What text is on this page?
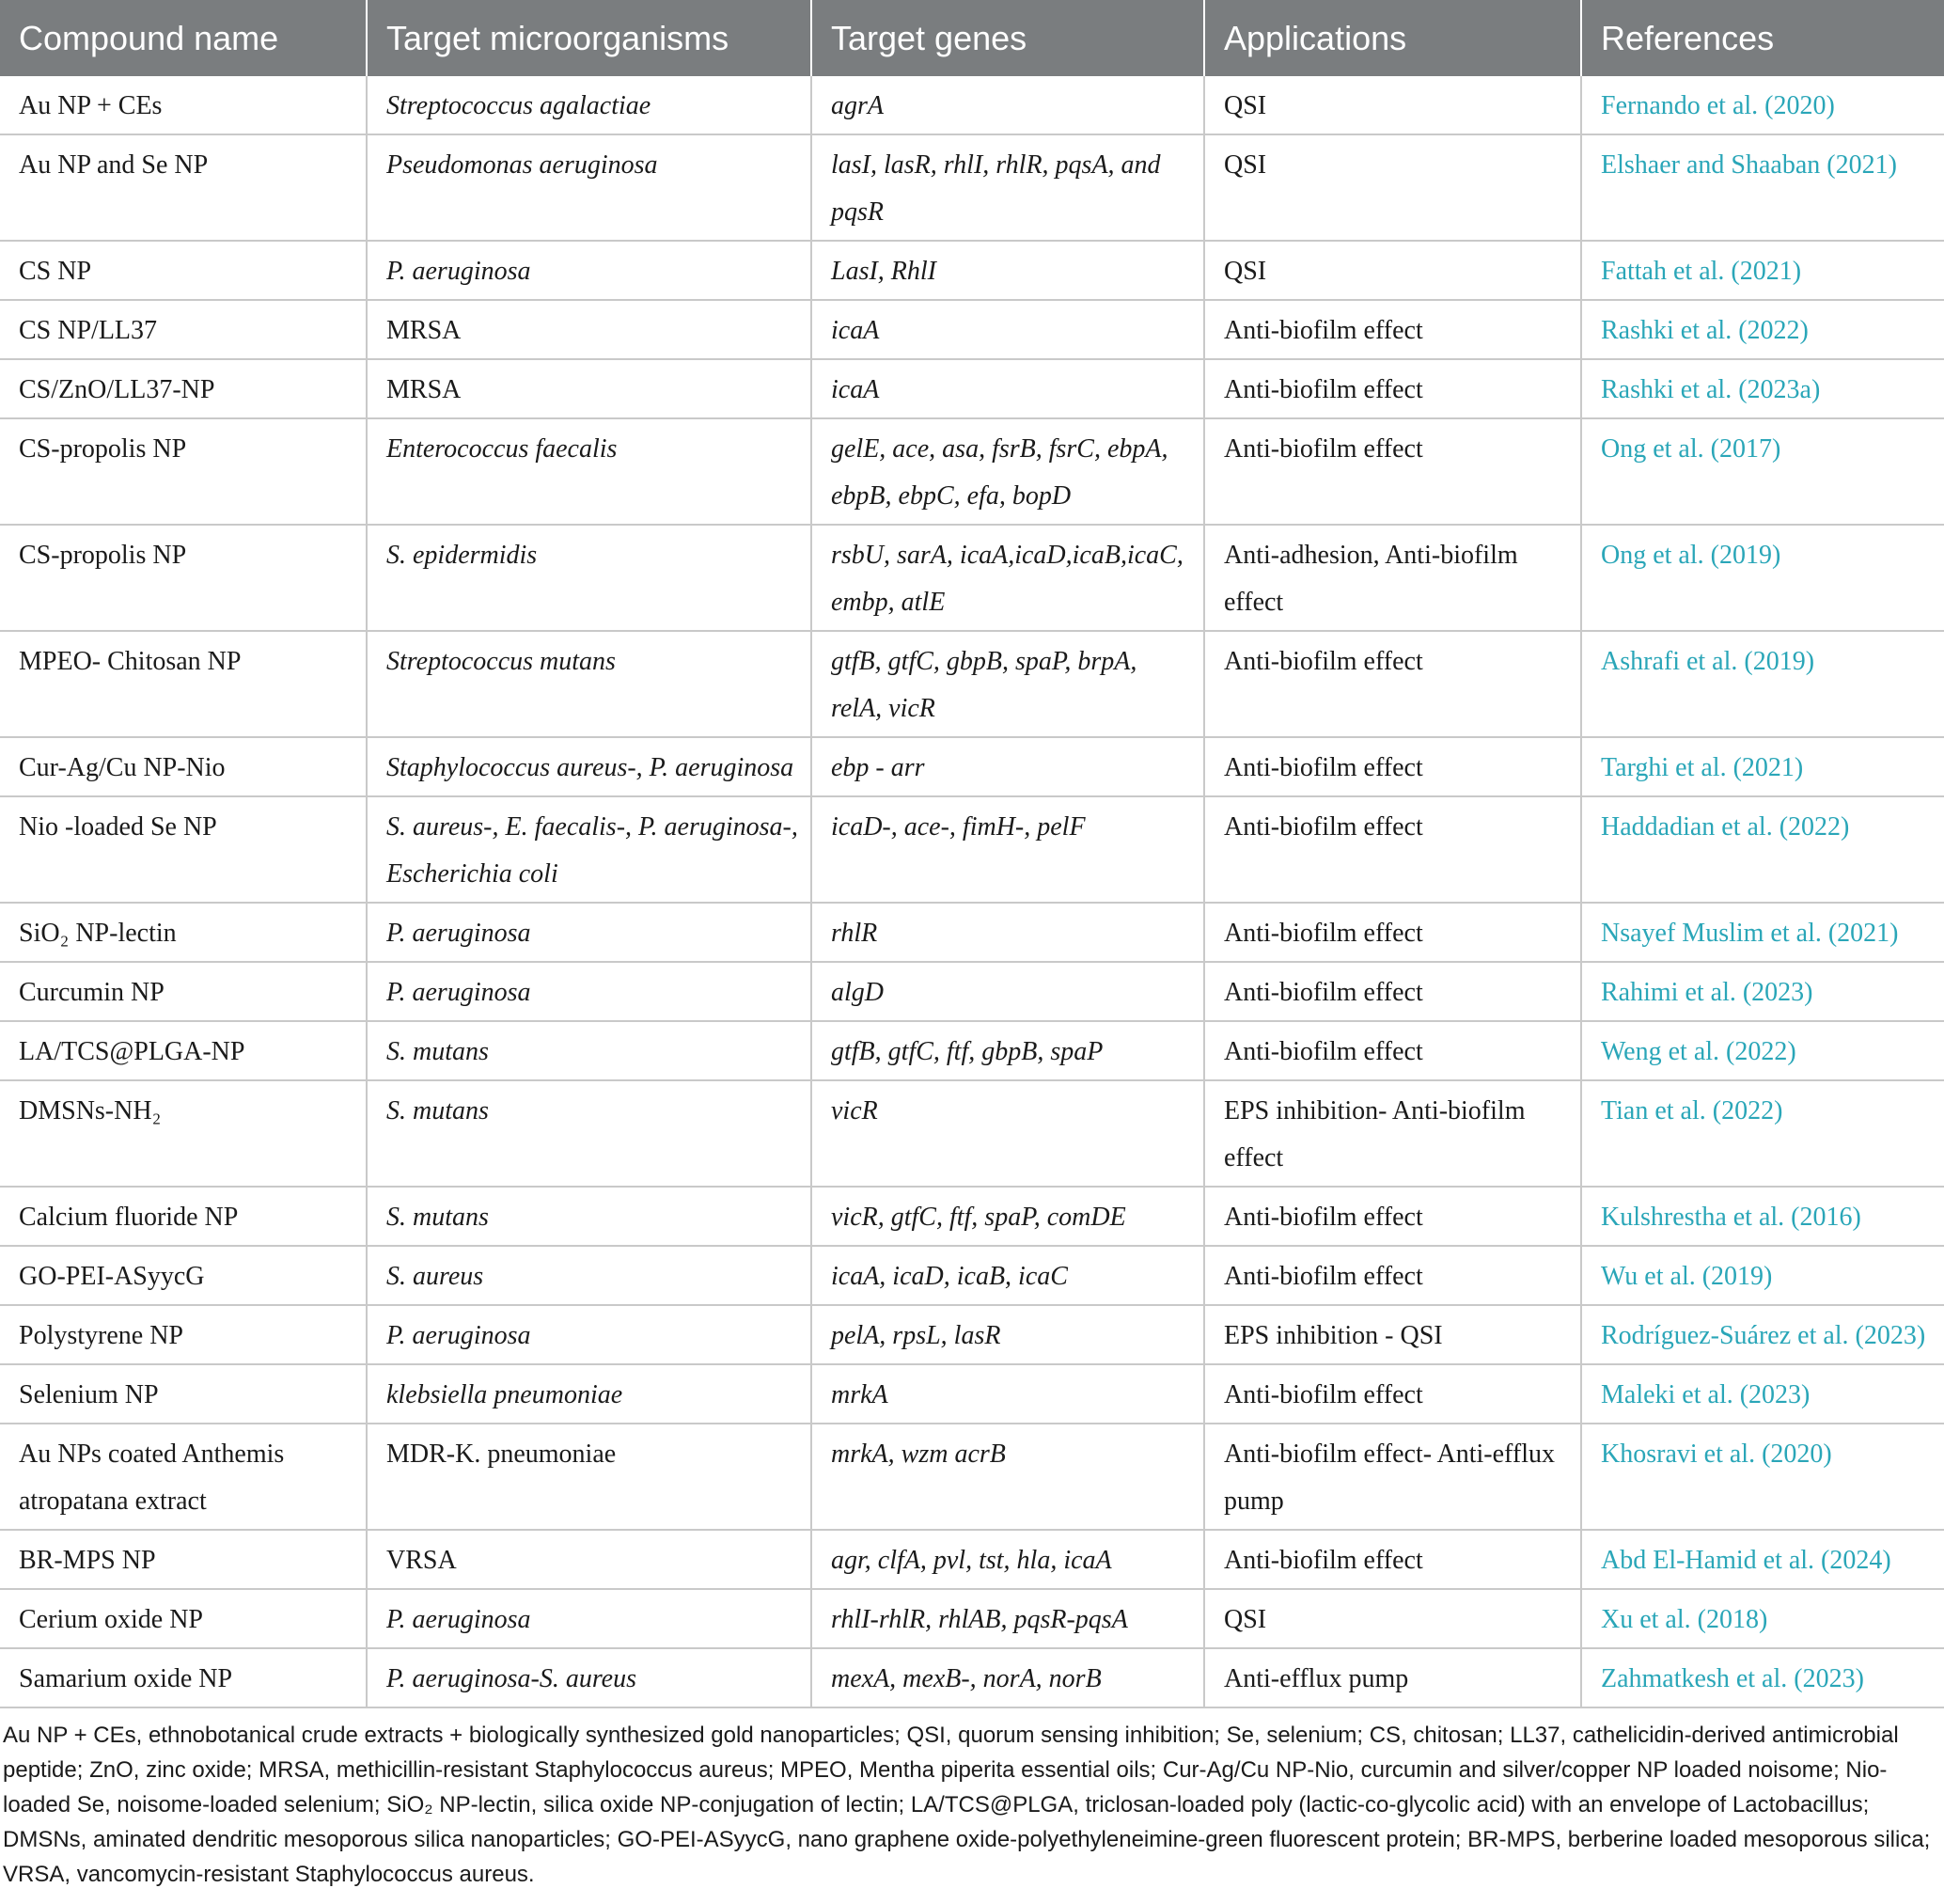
Compound name	Target microorganisms	Target genes	Applications	References
Au NP + CEs	Streptococcus agalactiae	agrA	QSI	Fernando et al. (2020)
Au NP and Se NP	Pseudomonas aeruginosa	lasI, lasR, rhlI, rhlR, pqsA, and pqsR	QSI	Elshaer and Shaaban (2021)
CS NP	P. aeruginosa	LasI, RhlI	QSI	Fattah et al. (2021)
CS NP/LL37	MRSA	icaA	Anti-biofilm effect	Rashki et al. (2022)
CS/ZnO/LL37-NP	MRSA	icaA	Anti-biofilm effect	Rashki et al. (2023a)
CS-propolis NP	Enterococcus faecalis	gelE, ace, asa, fsrB, fsrC, ebpA, ebpB, ebpC, efa, bopD	Anti-biofilm effect	Ong et al. (2017)
CS-propolis NP	S. epidermidis	rsbU, sarA, icaA,icaD,icaB,icaC, embp, atlE	Anti-adhesion, Anti-biofilm effect	Ong et al. (2019)
MPEO- Chitosan NP	Streptococcus mutans	gtfB, gtfC, gbpB, spaP, brpA, relA, vicR	Anti-biofilm effect	Ashrafi et al. (2019)
Cur-Ag/Cu NP-Nio	Staphylococcus aureus-, P. aeruginosa	ebp - arr	Anti-biofilm effect	Targhi et al. (2021)
Nio -loaded Se NP	S. aureus-, E. faecalis-, P. aeruginosa-, Escherichia coli	icaD-, ace-, fimH-, pelF	Anti-biofilm effect	Haddadian et al. (2022)
SiO₂ NP-lectin	P. aeruginosa	rhlR	Anti-biofilm effect	Nsayef Muslim et al. (2021)
Curcumin NP	P. aeruginosa	algD	Anti-biofilm effect	Rahimi et al. (2023)
LA/TCS@PLGA-NP	S. mutans	gtfB, gtfC, ftf, gbpB, spaP	Anti-biofilm effect	Weng et al. (2022)
DMSNs-NH₂	S. mutans	vicR	EPS inhibition- Anti-biofilm effect	Tian et al. (2022)
Calcium fluoride NP	S. mutans	vicR, gtfC, ftf, spaP, comDE	Anti-biofilm effect	Kulshrestha et al. (2016)
GO-PEI-ASyycG	S. aureus	icaA, icaD, icaB, icaC	Anti-biofilm effect	Wu et al. (2019)
Polystyrene NP	P. aeruginosa	pelA, rpsL, lasR	EPS inhibition - QSI	Rodríguez-Suárez et al. (2023)
Selenium NP	klebsiella pneumoniae	mrkA	Anti-biofilm effect	Maleki et al. (2023)
Au NPs coated Anthemis atropatana extract	MDR-K. pneumoniae	mrkA, wzm acrB	Anti-biofilm effect- Anti-efflux pump	Khosravi et al. (2020)
BR-MPS NP	VRSA	agr, clfA, pvl, tst, hla, icaA	Anti-biofilm effect	Abd El-Hamid et al. (2024)
Cerium oxide NP	P. aeruginosa	rhlI-rhlR, rhlAB, pqsR-pqsA	QSI	Xu et al. (2018)
Samarium oxide NP	P. aeruginosa-S. aureus	mexA, mexB-, norA, norB	Anti-efflux pump	Zahmatkesh et al. (2023)
Au NP + CEs, ethnobotanical crude extracts + biologically synthesized gold nanoparticles; QSI, quorum sensing inhibition; Se, selenium; CS, chitosan; LL37, cathelicidin-derived antimicrobial peptide; ZnO, zinc oxide; MRSA, methicillin-resistant Staphylococcus aureus; MPEO, Mentha piperita essential oils; Cur-Ag/Cu NP-Nio, curcumin and silver/copper NP loaded noisome; Nio-loaded Se, noisome-loaded selenium; SiO₂ NP-lectin, silica oxide NP-conjugation of lectin; LA/TCS@PLGA, triclosan-loaded poly (lactic-co-glycolic acid) with an envelope of Lactobacillus; DMSNs, aminated dendritic mesoporous silica nanoparticles; GO-PEI-ASyycG, nano graphene oxide-polyethyleneimine-green fluorescent protein; BR-MPS, berberine loaded mesoporous silica; VRSA, vancomycin-resistant Staphylococcus aureus.
